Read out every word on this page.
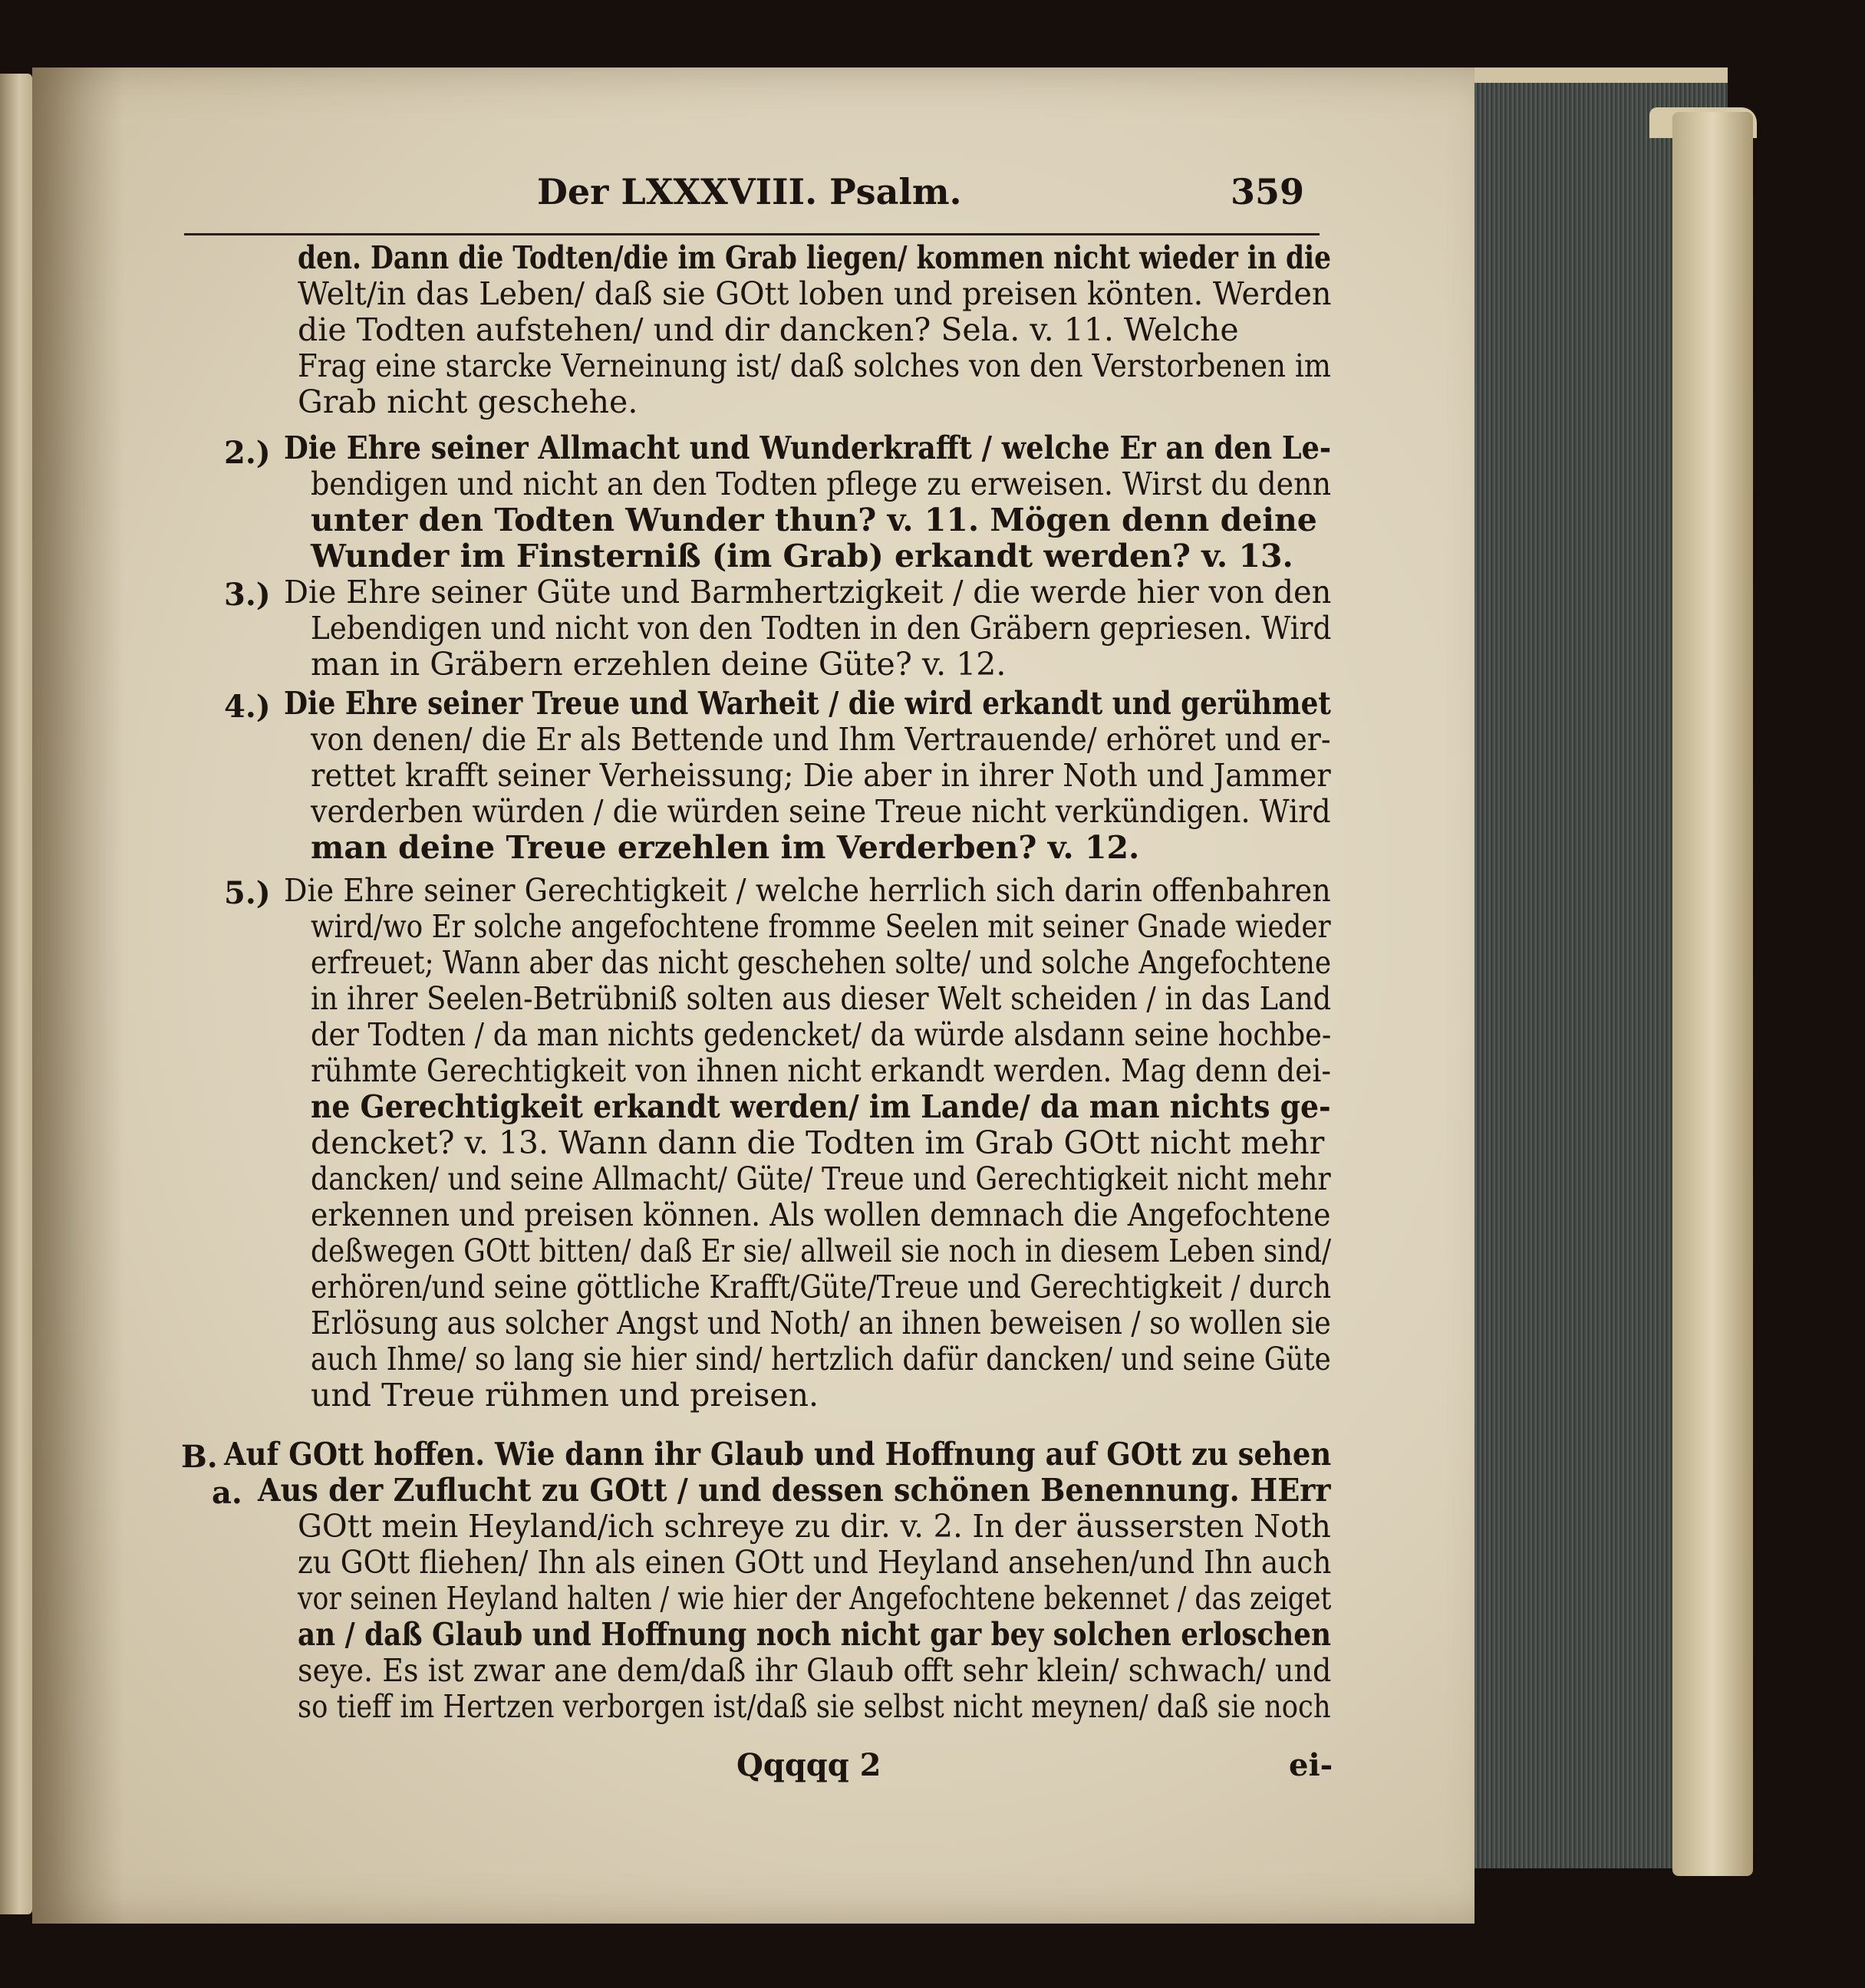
Der LXXXVIII. Psalm.	359
2.)
3.)
4.)
5.)
B.
a.
den. Dann die Todten/die im Grab liegen/ kommen nicht wieder in die
Welt/in das Leben/ daß sie GOtt loben und preisen könten. Werden
die Todten aufstehen/ und dir dancken? Sela. v. 11. Welche
Frag eine starcke Verneinung ist/ daß solches von den Verstorbenen im
Grab nicht geschehe.
Die Ehre seiner Allmacht und Wunderkrafft / welche Er an den Le-
bendigen und nicht an den Todten pflege zu erweisen. Wirst du denn
unter den Todten Wunder thun? v. 11. Mögen denn deine
Wunder im Finsterniß (im Grab) erkandt werden? v. 13.
Die Ehre seiner Güte und Barmhertzigkeit / die werde hier von den
Lebendigen und nicht von den Todten in den Gräbern gepriesen. Wird
man in Gräbern erzehlen deine Güte? v. 12.
Die Ehre seiner Treue und Warheit / die wird erkandt und gerühmet
von denen/ die Er als Bettende und Ihm Vertrauende/ erhöret und er-
rettet krafft seiner Verheissung; Die aber in ihrer Noth und Jammer
verderben würden / die würden seine Treue nicht verkündigen. Wird
man deine Treue erzehlen im Verderben? v. 12.
Die Ehre seiner Gerechtigkeit / welche herrlich sich darin offenbahren
wird/wo Er solche angefochtene fromme Seelen mit seiner Gnade wieder
erfreuet; Wann aber das nicht geschehen solte/ und solche Angefochtene
in ihrer Seelen-Betrübniß solten aus dieser Welt scheiden / in das Land
der Todten / da man nichts gedencket/ da würde alsdann seine hochbe-
rühmte Gerechtigkeit von ihnen nicht erkandt werden. Mag denn dei-
ne Gerechtigkeit erkandt werden/ im Lande/ da man nichts ge-
dencket? v. 13. Wann dann die Todten im Grab GOtt nicht mehr
dancken/ und seine Allmacht/ Güte/ Treue und Gerechtigkeit nicht mehr
erkennen und preisen können. Als wollen demnach die Angefochtene
deßwegen GOtt bitten/ daß Er sie/ allweil sie noch in diesem Leben sind/
erhören/und seine göttliche Krafft/Güte/Treue und Gerechtigkeit / durch
Erlösung aus solcher Angst und Noth/ an ihnen beweisen / so wollen sie
auch Ihme/ so lang sie hier sind/ hertzlich dafür dancken/ und seine Güte
und Treue rühmen und preisen.
Auf GOtt hoffen. Wie dann ihr Glaub und Hoffnung auf GOtt zu sehen
Aus der Zuflucht zu GOtt / und dessen schönen Benennung. HErr
GOtt mein Heyland/ich schreye zu dir. v. 2. In der äussersten Noth
zu GOtt fliehen/ Ihn als einen GOtt und Heyland ansehen/und Ihn auch
vor seinen Heyland halten / wie hier der Angefochtene bekennet / das zeiget
an / daß Glaub und Hoffnung noch nicht gar bey solchen erloschen
seye. Es ist zwar ane dem/daß ihr Glaub offt sehr klein/ schwach/ und
so tieff im Hertzen verborgen ist/daß sie selbst nicht meynen/ daß sie noch
Qqqqq 2	ei-
